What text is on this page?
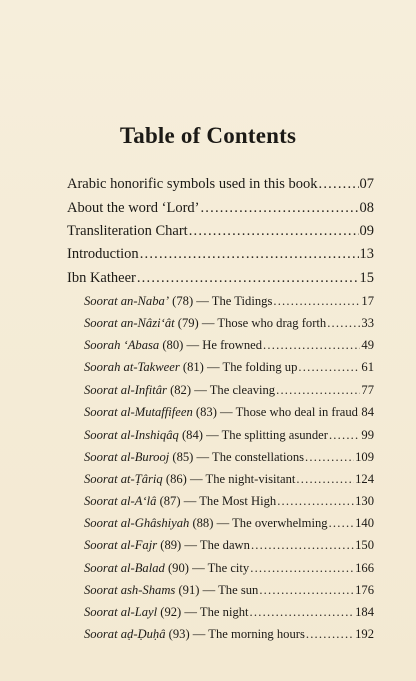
Table of Contents
Arabic honorific symbols used in this book .....	07
About the word ‘Lord’ .....	08
Transliteration Chart .....	09
Introduction .....	13
Ibn Katheer .....	15
Soorat an-Naba’ (78) — The Tidings .....	17
Soorat an-Nâzi‘ât (79) — Those who drag forth .....	33
Soorah ‘Abasa (80) — He frowned .....	49
Soorah at-Takweer (81) — The folding up .....	61
Soorat al-Infitâr (82) — The cleaving .....	77
Soorat al-Mutaffifeen (83) — Those who deal in fraud ..... 84
Soorat al-Inshiqâq (84) — The splitting asunder .....	99
Soorat al-Burooj (85) — The constellations .....	109
Soorat at-Ṭâriq (86) — The night-visitant .....	124
Soorat al-A‘lâ (87) — The Most High .....	130
Soorat al-Ghâshiyah (88) — The overwhelming ..... 140
Soorat al-Fajr (89) — The dawn .....	150
Soorat al-Balad (90) — The city .....	166
Soorat ash-Shams (91) — The sun .....	176
Soorat al-Layl (92) — The night .....	184
Soorat aḍ-Ḍuḥâ (93) — The morning hours .....	192
